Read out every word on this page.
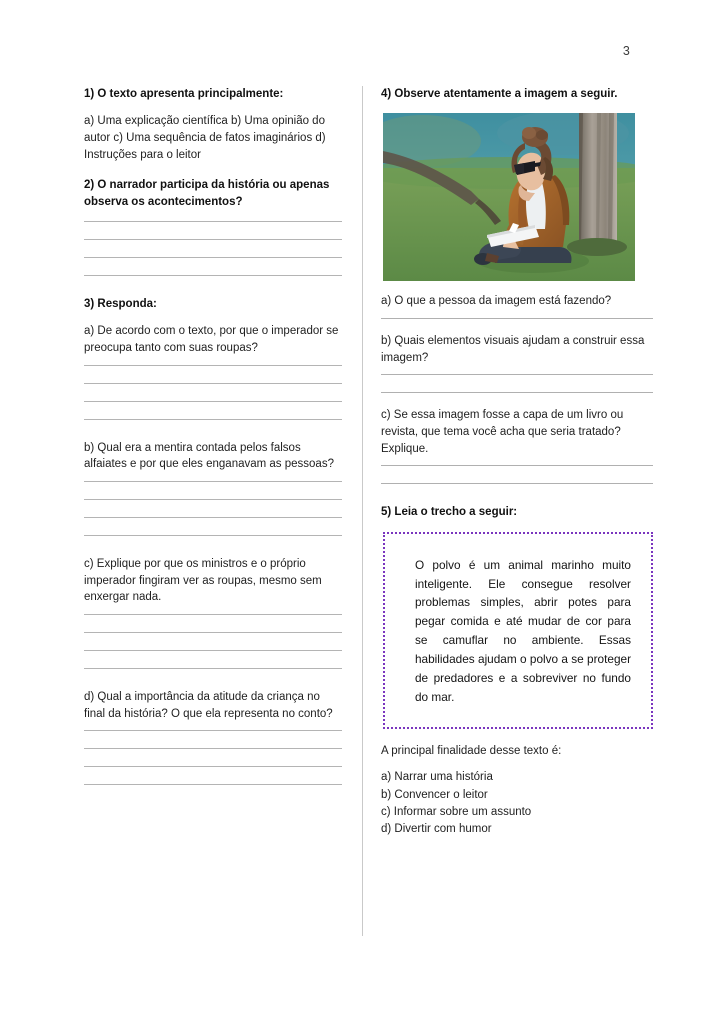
3
1) O texto apresenta principalmente:
a) Uma explicação científica b) Uma opinião do autor c) Uma sequência de fatos imaginários d) Instruções para o leitor
2) O narrador participa da história ou apenas observa os acontecimentos?
3) Responda:
a) De acordo com o texto, por que o imperador se preocupa tanto com suas roupas?
b) Qual era a mentira contada pelos falsos alfaiates e por que eles enganavam as pessoas?
c) Explique por que os ministros e o próprio imperador fingiram ver as roupas, mesmo sem enxergar nada.
d) Qual a importância da atitude da criança no final da história? O que ela representa no conto?
4) Observe atentamente a imagem a seguir.
a) O que a pessoa da imagem está fazendo?
b) Quais elementos visuais ajudam a construir essa imagem?
c) Se essa imagem fosse a capa de um livro ou revista, que tema você acha que seria tratado? Explique.
5) Leia o trecho a seguir:

O polvo é um animal marinho muito inteligente. Ele consegue resolver problemas simples, abrir potes para pegar comida e até mudar de cor para se camuflar no ambiente. Essas habilidades ajudam o polvo a se proteger de predadores e a sobreviver no fundo do mar.

A principal finalidade desse texto é:
a) Narrar uma história
b) Convencer o leitor
c) Informar sobre um assunto
d) Divertir com humor
